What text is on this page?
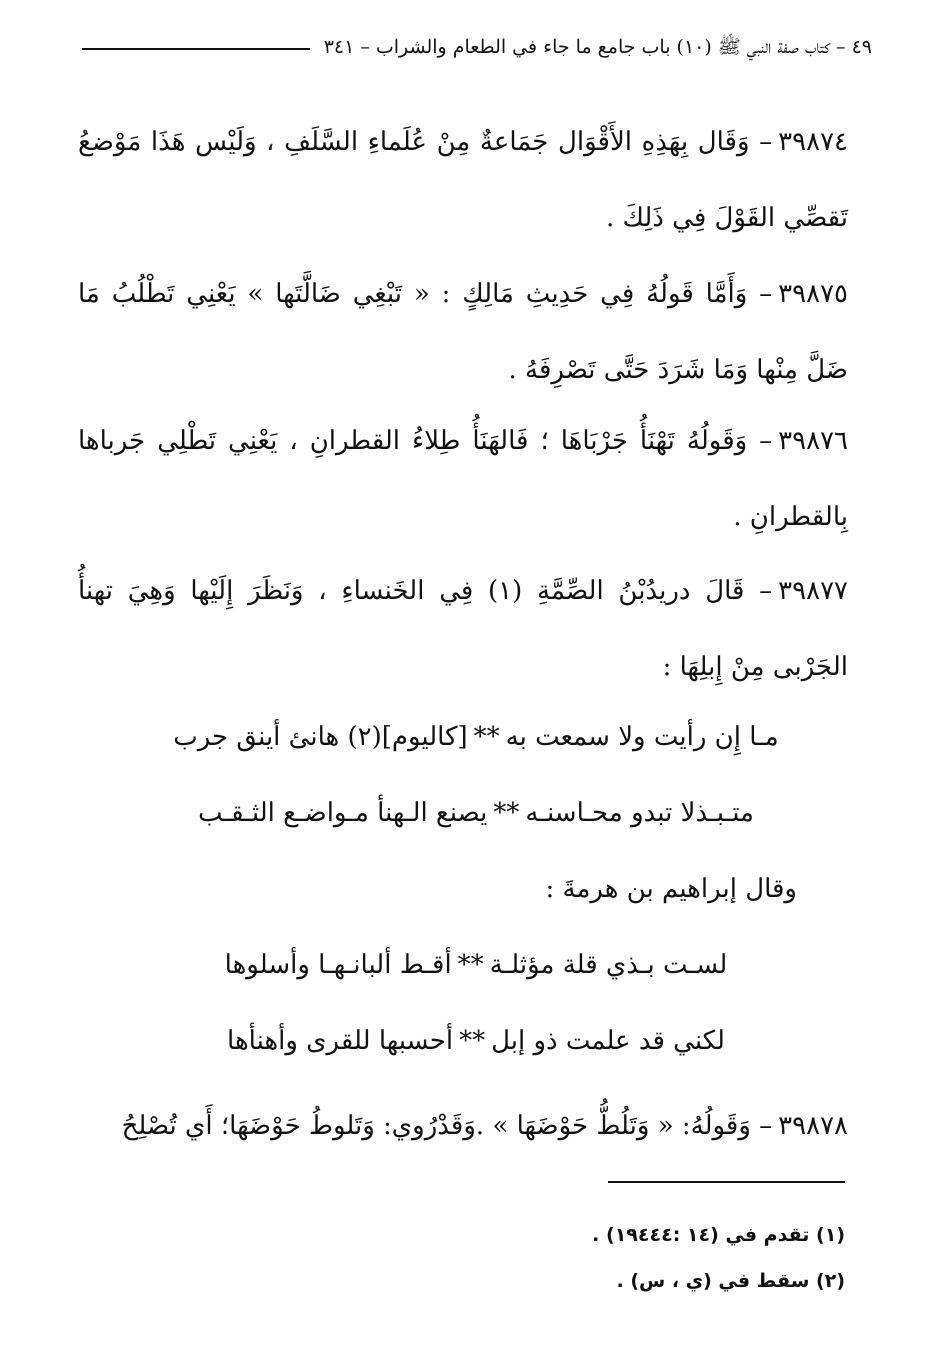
٤٩ – كتاب صفة النبي ﷺ (١٠) باب جامع ما جاء في الطعام والشراب – ٣٤١

٣٩٨٧٤– وَقَال بِهَذِهِ الأَقْوَال جَمَاعةٌ مِنْ عُلَماءِ السَّلَفِ ، وَلَيْس هَذَا مَوْضعُ تَقصِّي القَوْلَ فِي ذَلِكَ .

٣٩٨٧٥– وَأَمَّا قَولُهُ فِي حَدِيثِ مَالِكٍ : « تَبْغِي ضَالَّتَها » يَعْنِي تَطْلُبُ مَا ضَلَّ مِنْها وَمَا شَرَدَ حَتَّى تَصْرِفَهُ .

٣٩٨٧٦– وَقَولُهُ تَهْنَأُ جَرْبَاهَا ؛ فَالهَنَأُ طِلاءُ القطرانِ ، يَعْنِي تَطْلِي جَرباها بِالقطرانِ .

٣٩٨٧٧– قَالَ دريدُبْنُ الصِّمَّةِ (١) فِي الخَنساءِ ، وَنَظَرَ إِلَيْها وَهِيَ تهنأُ الجَرْبى مِنْ إِبلِهَا :

مـا إِن رأيت ولا سمعت به**[كاليوم](٢) هانئ أينق جرب
متـبـذلا تبدو محـاسنـه**يصنع الـهنأ مـواضـع الثـقـب
وقال إبراهيم بن هرمةَ :
لسـت بـذي قلة مؤثلـة**أقـط ألبانـهـا وأسلوها
لكني قد علمت ذو إبل**أحسبها للقرى وأهنأها

٣٩٨٧٨– وَقَولُهُ: « وَتَلُطُّ حَوْضَهَا » .وَقَدْرُوي: وَتَلوطُ حَوْضَهَا؛ أَي تُصْلِحُ

(١) تقدم في (١٤ :١٩٤٤٤) .
(٢) سقط في (ي ، س) .
